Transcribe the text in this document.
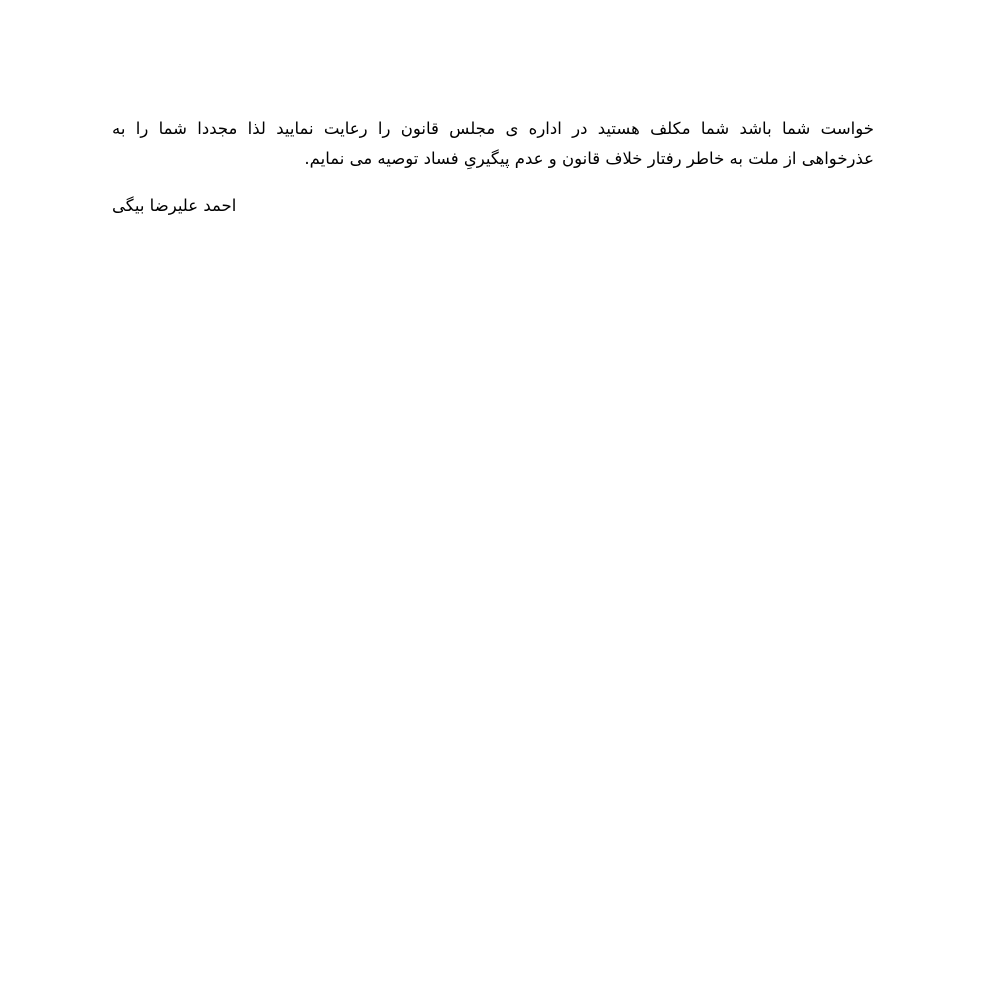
خواست شما باشد شما مکلف هستید در اداره ی مجلس قانون را رعایت نمایید لذا مجددا شما را به
عذرخواهی از ملت به خاطر رفتار خلاف قانون و عدم پیگیریِ فساد توصیه می نمایم.
احمد علیرضا بیگی
